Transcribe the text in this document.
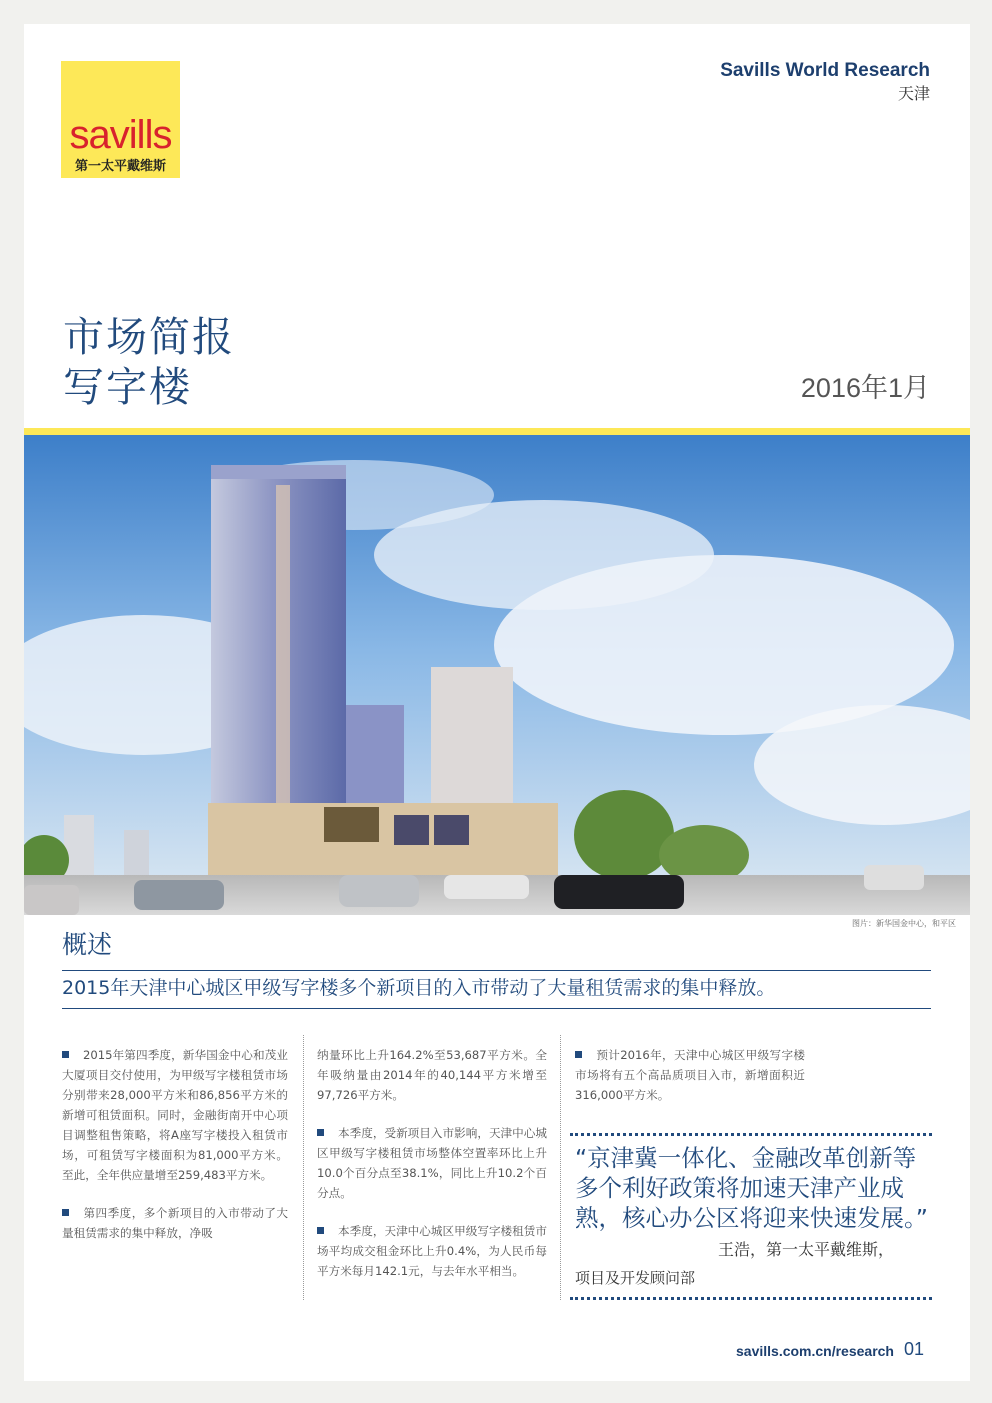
savills
第一太平戴维斯
Savills World Research
天津
市场简报
写字楼	2016年1月
图片：新华国金中心，和平区
概述
2015年天津中心城区甲级写字楼多个新项目的入市带动了大量租赁需求的集中释放。

2015年第四季度，新华国金中心和茂业大厦项目交付使用，为甲级写字楼租赁市场分别带来28,000平方米和86,856平方米的新增可租赁面积。同时，金融街南开中心项目调整租售策略，将A座写字楼投入租赁市场，可租赁写字楼面积为81,000平方米。至此，全年供应量增至259,483平方米。

第四季度，多个新项目的入市带动了大量租赁需求的集中释放，净吸

纳量环比上升164.2%至53,687平方米。全年吸纳量由2014年的40,144平方米增至97,726平方米。

本季度，受新项目入市影响，天津中心城区甲级写字楼租赁市场整体空置率环比上升10.0个百分点至38.1%，同比上升10.2个百分点。

本季度，天津中心城区甲级写字楼租赁市场平均成交租金环比上升0.4%，为人民币每平方米每月142.1元，与去年水平相当。

预计2016年，天津中心城区甲级写字楼市场将有五个高品质项目入市，新增面积近316,000平方米。

“京津冀一体化、金融改革创新等多个利好政策将加速天津产业成熟，核心办公区将迎来快速发展。”
王浩，第一太平戴维斯，
项目及开发顾问部
savills.com.cn/research 01
